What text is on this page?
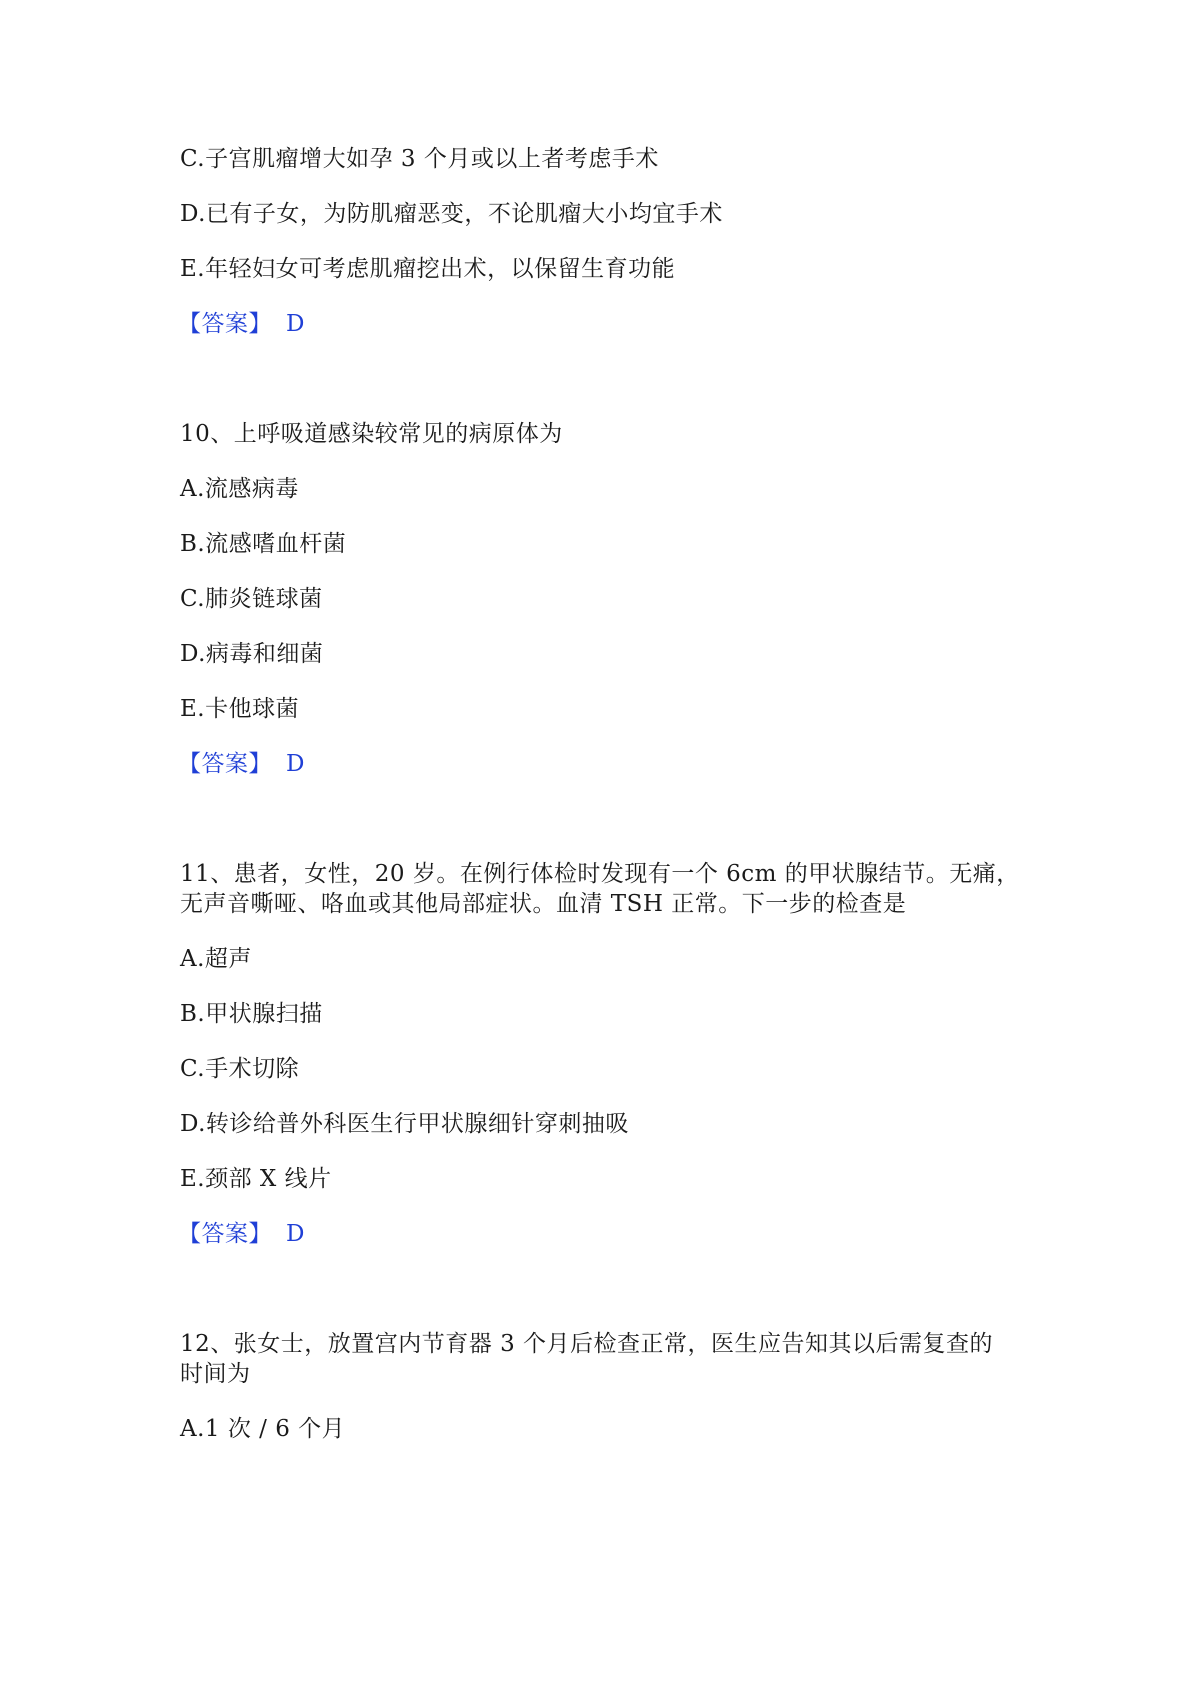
C.子宫肌瘤增大如孕 3 个月或以上者考虑手术
D.已有子女，为防肌瘤恶变，不论肌瘤大小均宜手术
E.年轻妇女可考虑肌瘤挖出术，以保留生育功能
【答案】 D
10、上呼吸道感染较常见的病原体为
A.流感病毒
B.流感嗜血杆菌
C.肺炎链球菌
D.病毒和细菌
E.卡他球菌
【答案】 D
11、患者，女性，20 岁。在例行体检时发现有一个 6cm 的甲状腺结节。无痛，
无声音嘶哑、咯血或其他局部症状。血清 TSH 正常。下一步的检查是
A.超声
B.甲状腺扫描
C.手术切除
D.转诊给普外科医生行甲状腺细针穿刺抽吸
E.颈部 X 线片
【答案】 D
12、张女士，放置宫内节育器 3 个月后检查正常，医生应告知其以后需复查的
时间为
A.1 次 / 6 个月
